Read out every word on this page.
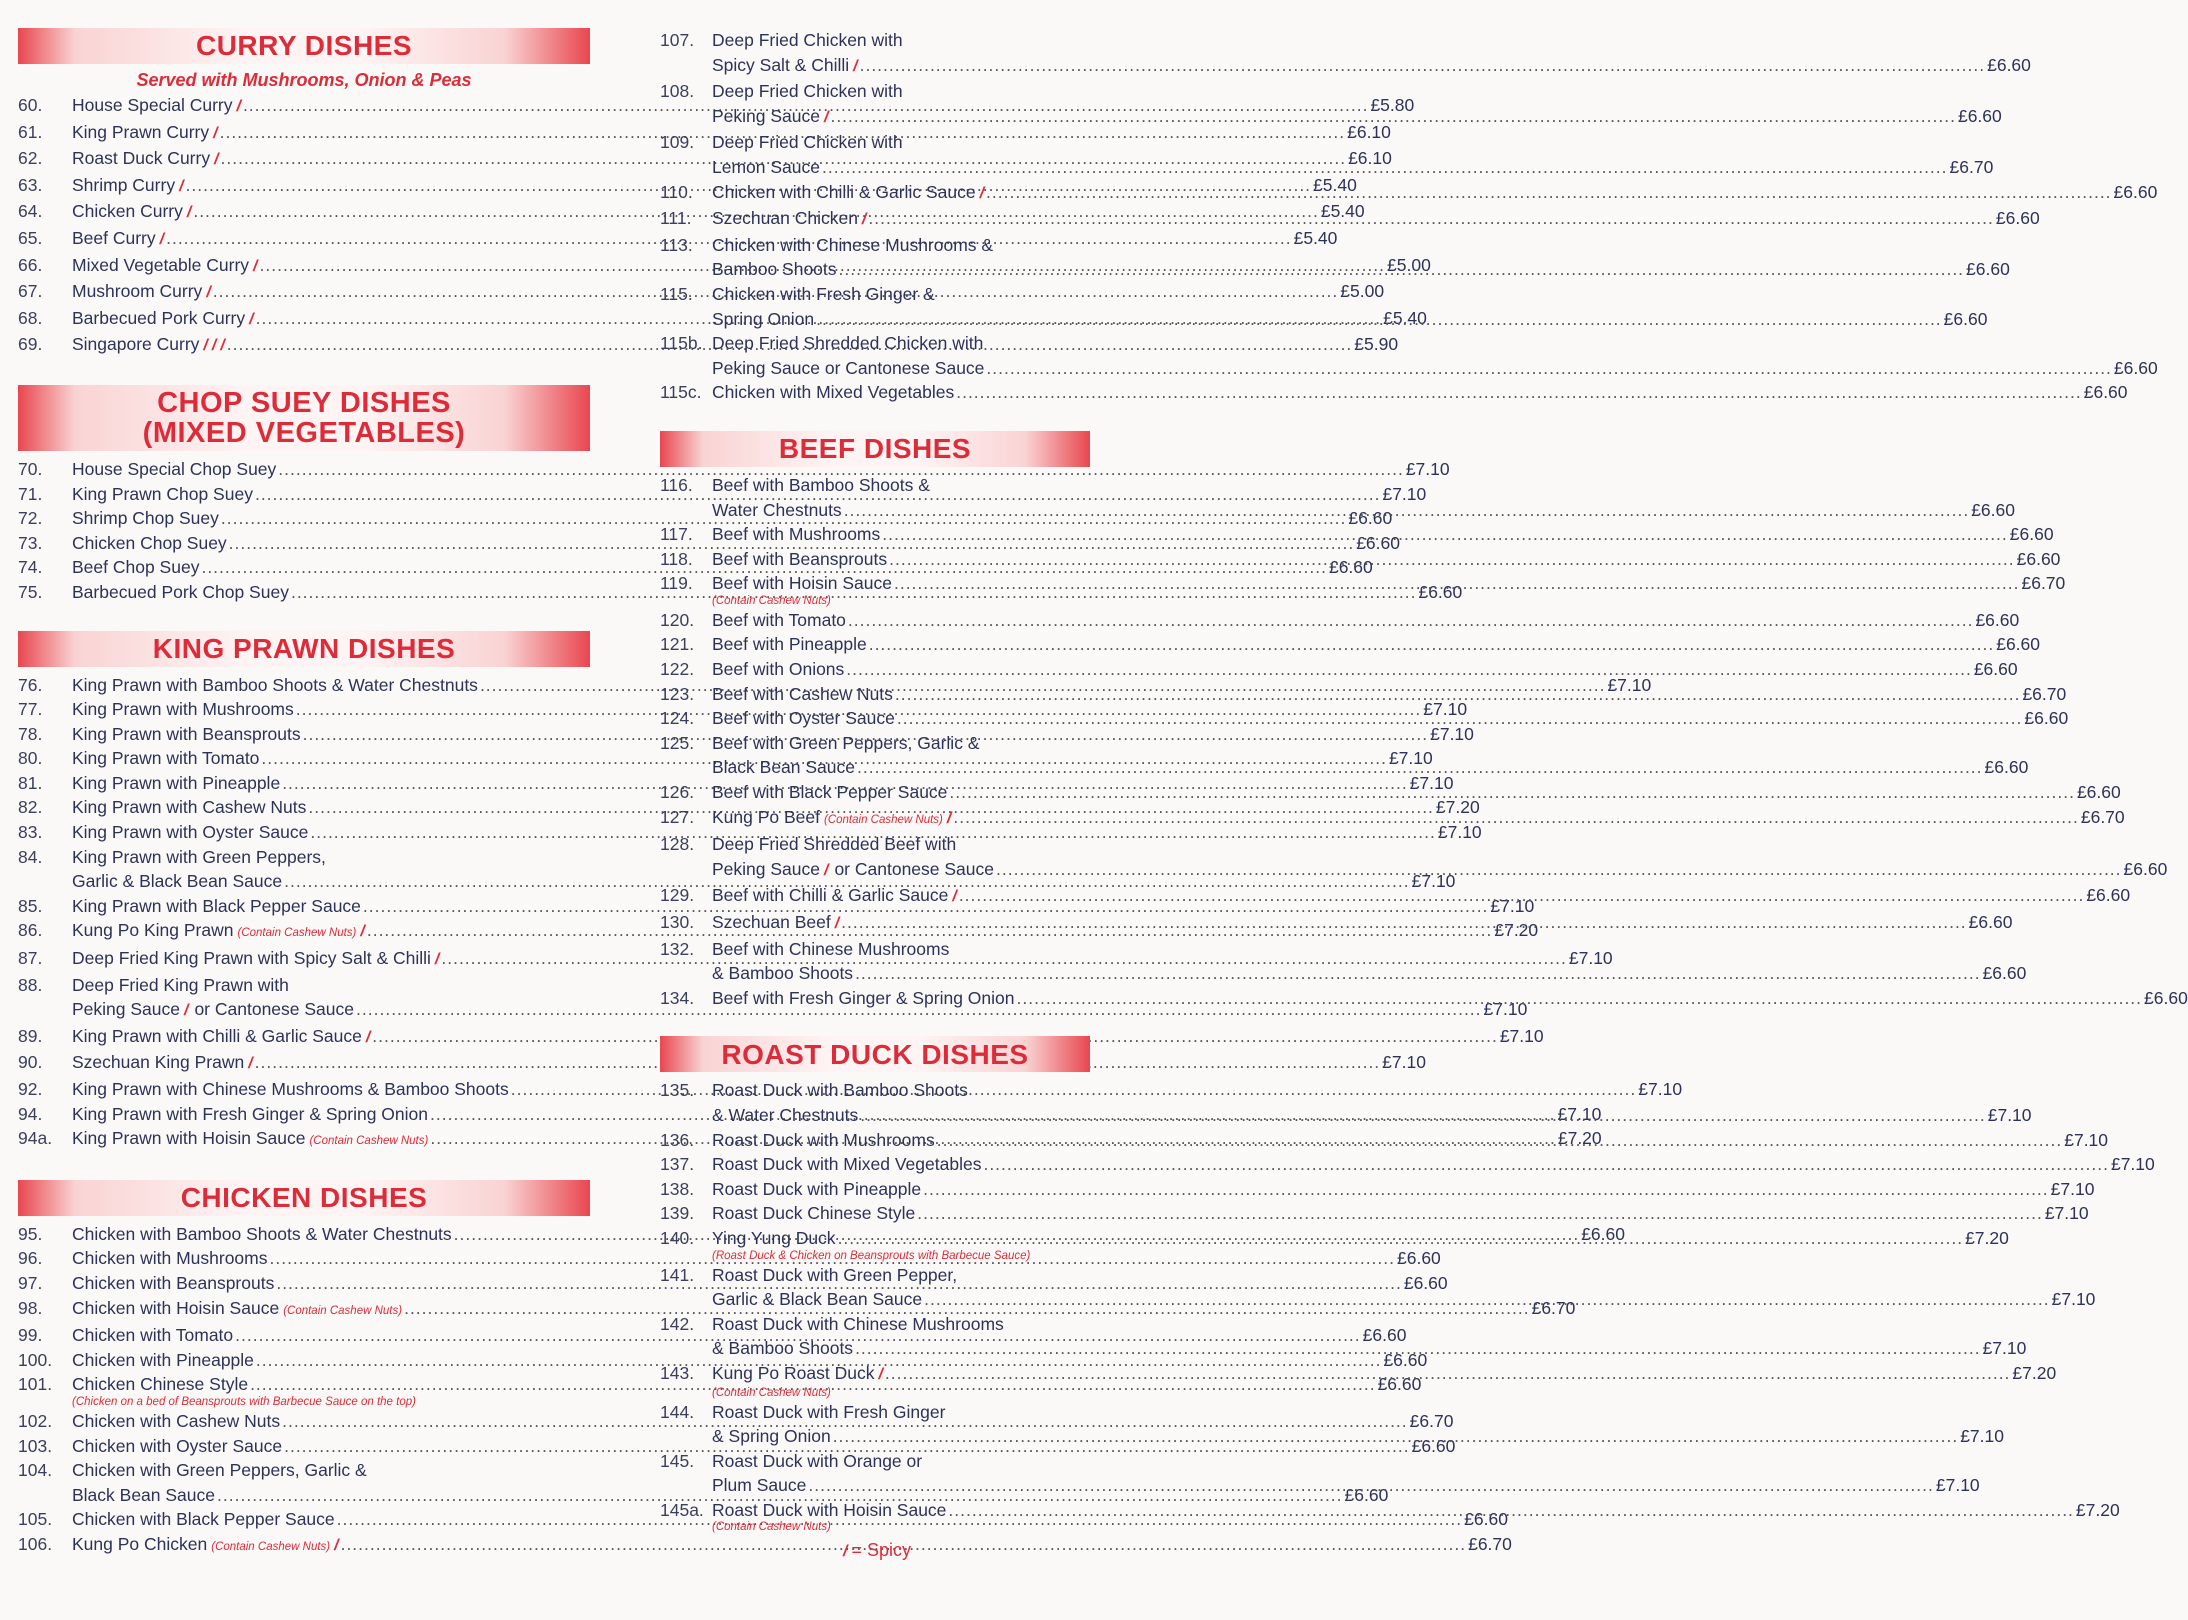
CURRY DISHES
Served with Mushrooms, Onion & Peas
60.	House Special Curry / .....	£5.80
61.	King Prawn Curry / .....	£6.10
62.	Roast Duck Curry / .....	£6.10
63.	Shrimp Curry / .....	£5.40
64.	Chicken Curry / .....	£5.40
65.	Beef Curry / .....	£5.40
66.	Mixed Vegetable Curry / .....	£5.00
67.	Mushroom Curry / .....	£5.00
68.	Barbecued Pork Curry / .....	£5.40
69.	Singapore Curry / / / .....	£5.90
CHOP SUEY DISHES
(MIXED VEGETABLES)
70.	House Special Chop Suey .....	£7.10
71.	King Prawn Chop Suey .....	£7.10
72.	Shrimp Chop Suey .....	£6.60
73.	Chicken Chop Suey .....	£6.60
74.	Beef Chop Suey .....	£6.60
75.	Barbecued Pork Chop Suey .....	£6.60
KING PRAWN DISHES
76.	King Prawn with Bamboo Shoots & Water Chestnuts .....	£7.10
77.	King Prawn with Mushrooms .....	£7.10
78.	King Prawn with Beansprouts .....	£7.10
80.	King Prawn with Tomato .....	£7.10
81.	King Prawn with Pineapple .....	£7.10
82.	King Prawn with Cashew Nuts .....	£7.20
83.	King Prawn with Oyster Sauce .....	£7.10
84.	King Prawn with Green Peppers,
Garlic & Black Bean Sauce .....	£7.10
85.	King Prawn with Black Pepper Sauce .....	£7.10
86.	Kung Po King Prawn (Contain Cashew Nuts) / .....	£7.20
87.	Deep Fried King Prawn with Spicy Salt & Chilli / .....	£7.10
88.	Deep Fried King Prawn with
Peking Sauce / or Cantonese Sauce .....	£7.10
89.	King Prawn with Chilli & Garlic Sauce / .....	£7.10
90.	Szechuan King Prawn / .....	£7.10
92.	King Prawn with Chinese Mushrooms & Bamboo Shoots .....	£7.10
94.	King Prawn with Fresh Ginger & Spring Onion .....	£7.10
94a.	King Prawn with Hoisin Sauce (Contain Cashew Nuts) .....	£7.20
CHICKEN DISHES
95.	Chicken with Bamboo Shoots & Water Chestnuts .....	£6.60
96.	Chicken with Mushrooms .....	£6.60
97.	Chicken with Beansprouts .....	£6.60
98.	Chicken with Hoisin Sauce (Contain Cashew Nuts) .....	£6.70
99.	Chicken with Tomato .....	£6.60
100.	Chicken with Pineapple .....	£6.60
101.	Chicken Chinese Style .....	£6.60
(Chicken on a bed of Beansprouts with Barbecue Sauce on the top)
102.	Chicken with Cashew Nuts .....	£6.70
103.	Chicken with Oyster Sauce .....	£6.60
104.	Chicken with Green Peppers, Garlic &
Black Bean Sauce .....	£6.60
105.	Chicken with Black Pepper Sauce .....	£6.60
106.	Kung Po Chicken (Contain Cashew Nuts) / .....	£6.70
107.	Deep Fried Chicken with
Spicy Salt & Chilli / .....	£6.60
108.	Deep Fried Chicken with
Peking Sauce / .....	£6.60
109.	Deep Fried Chicken with
Lemon Sauce .....	£6.70
110.	Chicken with Chilli & Garlic Sauce / .....	£6.60
111.	Szechuan Chicken / .....	£6.60
113.	Chicken with Chinese Mushrooms &
Bamboo Shoots .....	£6.60
115.	Chicken with Fresh Ginger &
Spring Onion .....	£6.60
115b. Deep Fried Shredded Chicken with
Peking Sauce or Cantonese Sauce .....	£6.60
115c. Chicken with Mixed Vegetables .....	£6.60
BEEF DISHES
116.	Beef with Bamboo Shoots &
Water Chestnuts .....	£6.60
117.	Beef with Mushrooms .....	£6.60
118.	Beef with Beansprouts .....	£6.60
119.	Beef with Hoisin Sauce .....	£6.70
(Contain Cashew Nuts)
120.	Beef with Tomato .....	£6.60
121.	Beef with Pineapple .....	£6.60
122.	Beef with Onions .....	£6.60
123.	Beef with Cashew Nuts .....	£6.70
124.	Beef with Oyster Sauce .....	£6.60
125.	Beef with Green Peppers, Garlic &
Black Bean Sauce .....	£6.60
126.	Beef with Black Pepper Sauce .....	£6.60
127.	Kung Po Beef (Contain Cashew Nuts) / .....	£6.70
128.	Deep Fried Shredded Beef with
Peking Sauce / or Cantonese Sauce .....	£6.60
129.	Beef with Chilli & Garlic Sauce / .....	£6.60
130.	Szechuan Beef / .....	£6.60
132.	Beef with Chinese Mushrooms
& Bamboo Shoots .....	£6.60
134.	Beef with Fresh Ginger & Spring Onion .....	£6.60
ROAST DUCK DISHES
135.	Roast Duck with Bamboo Shoots
& Water Chestnuts .....	£7.10
136.	Roast Duck with Mushrooms .....	£7.10
137.	Roast Duck with Mixed Vegetables .....	£7.10
138.	Roast Duck with Pineapple .....	£7.10
139.	Roast Duck Chinese Style .....	£7.10
140.	Ying Yung Duck .....	£7.20
(Roast Duck & Chicken on Beansprouts with Barbecue Sauce)
141.	Roast Duck with Green Pepper,
Garlic & Black Bean Sauce .....	£7.10
142.	Roast Duck with Chinese Mushrooms
& Bamboo Shoots .....	£7.10
143.	Kung Po Roast Duck / .....	£7.20
(Contain Cashew Nuts)
144.	Roast Duck with Fresh Ginger
& Spring Onion .....	£7.10
145.	Roast Duck with Orange or
Plum Sauce .....	£7.10
145a. Roast Duck with Hoisin Sauce .....	£7.20
(Contain Cashew Nuts)
/ = Spicy
